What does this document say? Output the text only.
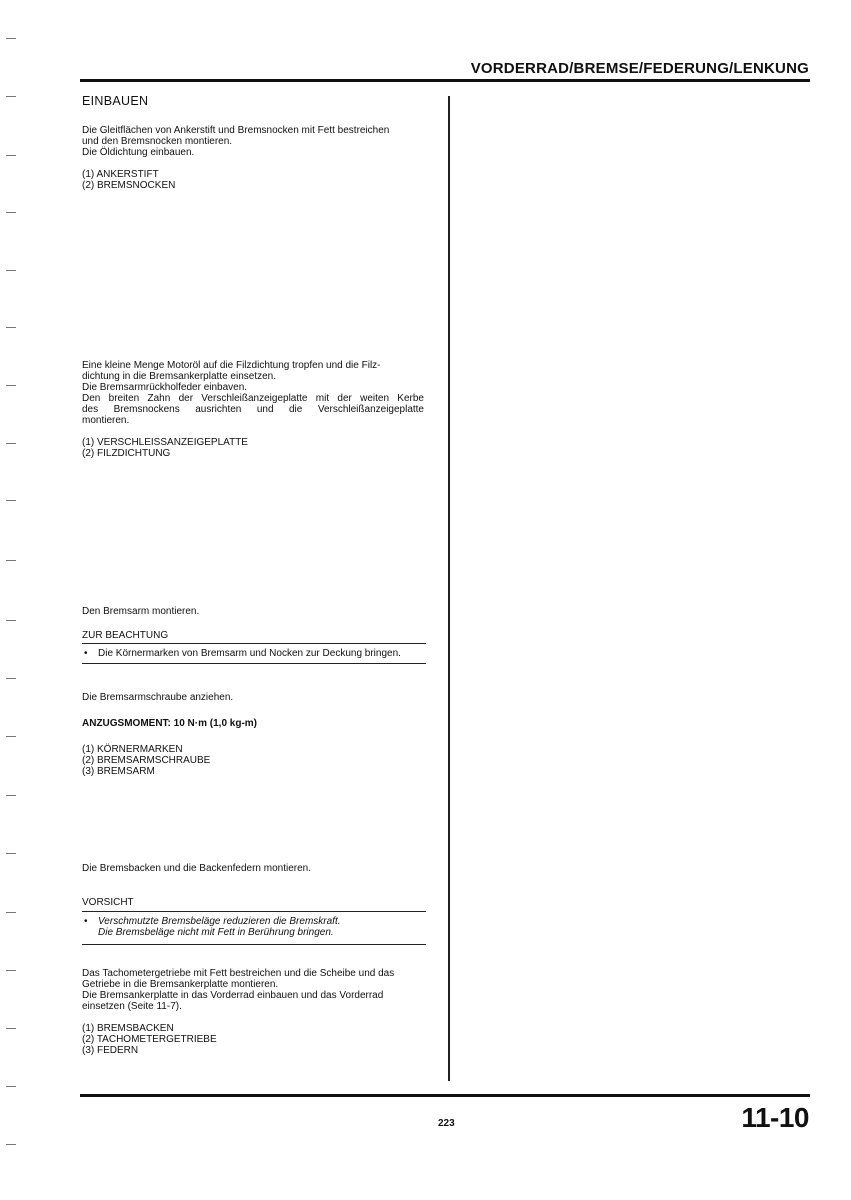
VORDERRAD/BREMSE/FEDERUNG/LENKUNG
EINBAUEN

Die Gleitflächen von Ankerstift und Bremsnocken mit Fett bestreichen

und den Bremsnocken montieren.

Die Öldichtung einbauen.

(1) ANKERSTIFT

(2) BREMSNOCKEN

Eine kleine Menge Motoröl auf die Filzdichtung tropfen und die Filz-

dichtung in die Bremsankerplatte einsetzen.

Die Bremsarmrückholfeder einbaven.

Den breiten Zahn der Verschleißanzeigeplatte mit der weiten Kerbe

des Bremsnockens ausrichten und die Verschleißanzeigeplatte

montieren.

(1) VERSCHLEISSANZEIGEPLATTE

(2) FILZDICHTUNG

Den Bremsarm montieren.
ZUR BEACHTUNG
•	Die Körnermarken von Bremsarm und Nocken zur Deckung bringen.
Die Bremsarmschraube anziehen.
ANZUGSMOMENT: 10 N·m (1,0 kg-m)

(1) KÖRNERMARKEN

(2) BREMSARMSCHRAUBE

(3) BREMSARM

Die Bremsbacken und die Backenfedern montieren.
VORSICHT
•	Verschmutzte Bremsbeläge reduzieren die Bremskraft.
Die Bremsbeläge nicht mit Fett in Berührung bringen.

Das Tachometergetriebe mit Fett bestreichen und die Scheibe und das

Getriebe in die Bremsankerplatte montieren.

Die Bremsankerplatte in das Vorderrad einbauen und das Vorderrad

einsetzen (Seite 11-7).

(1) BREMSBACKEN

(2) TACHOMETERGETRIEBE

(3) FEDERN

223	11-10
